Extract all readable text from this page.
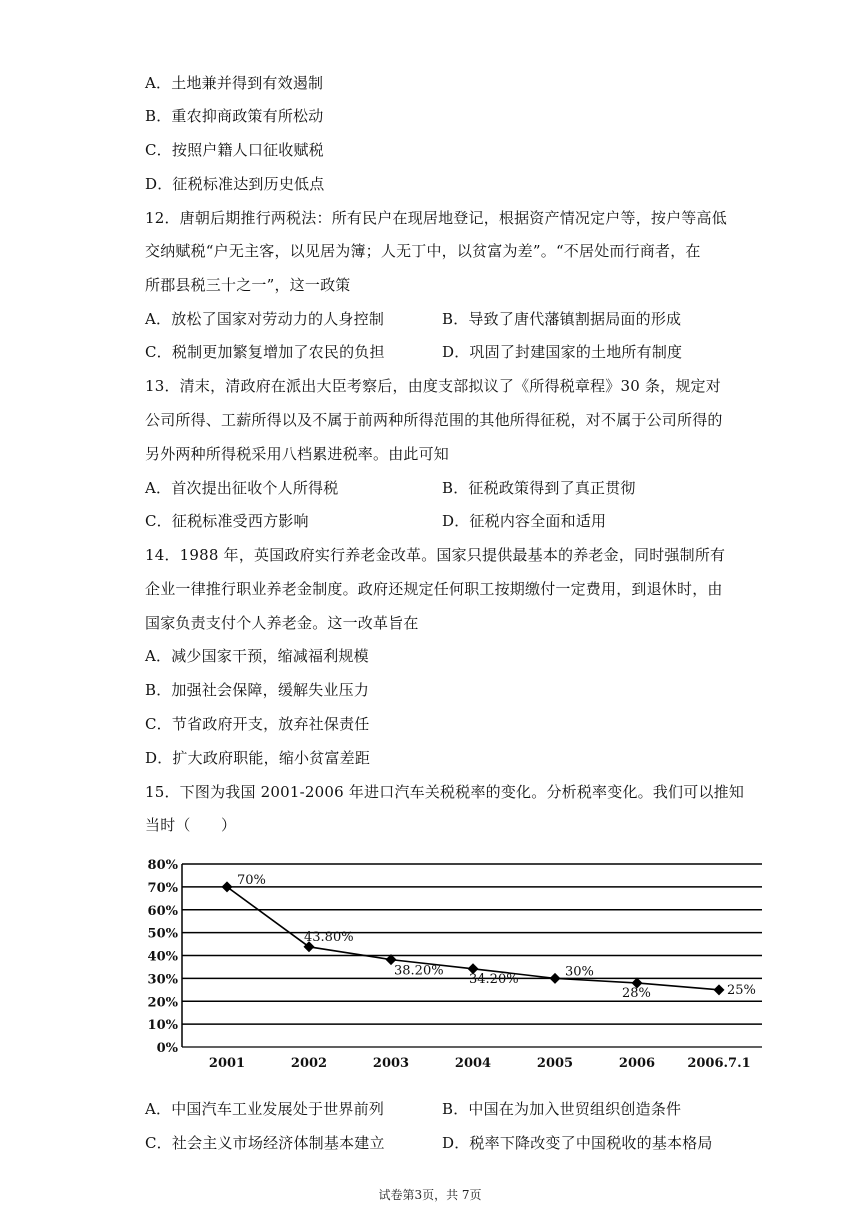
A．土地兼并得到有效遏制
B．重农抑商政策有所松动
C．按照户籍人口征收赋税
D．征税标准达到历史低点
12．唐朝后期推行两税法：所有民户在现居地登记，根据资产情况定户等，按户等高低
交纳赋税“户无主客，以见居为簿；人无丁中，以贫富为差”。“不居处而行商者，在
所郡县税三十之一”，这一政策
A．放松了国家对劳动力的人身控制	B．导致了唐代藩镇割据局面的形成
C．税制更加繁复增加了农民的负担	D．巩固了封建国家的土地所有制度
13．清末，清政府在派出大臣考察后，由度支部拟议了《所得税章程》30 条，规定对
公司所得、工薪所得以及不属于前两种所得范围的其他所得征税，对不属于公司所得的
另外两种所得税采用八档累进税率。由此可知
A．首次提出征收个人所得税	B．征税政策得到了真正贯彻
C．征税标准受西方影响	D．征税内容全面和适用
14．1988 年，英国政府实行养老金改革。国家只提供最基本的养老金，同时强制所有
企业一律推行职业养老金制度。政府还规定任何职工按期缴付一定费用，到退休时，由
国家负责支付个人养老金。这一改革旨在
A．减少国家干预，缩减福利规模
B．加强社会保障，缓解失业压力
C．节省政府开支，放弃社保责任
D．扩大政府职能，缩小贫富差距
15．下图为我国 2001-2006 年进口汽车关税税率的变化。分析税率变化。我们可以推知
当时（　　）
0%
10%
20%
30%
40%
50%
60%
70%
80%
2001	2002	2003	2004	2005	2006 2006.7.1
70%
43.80%
38.20%
34.20%	30%
28%	25%
A．中国汽车工业发展处于世界前列	B．中国在为加入世贸组织创造条件
C．社会主义市场经济体制基本建立	D．税率下降改变了中国税收的基本格局
试卷第3页，共 7页
